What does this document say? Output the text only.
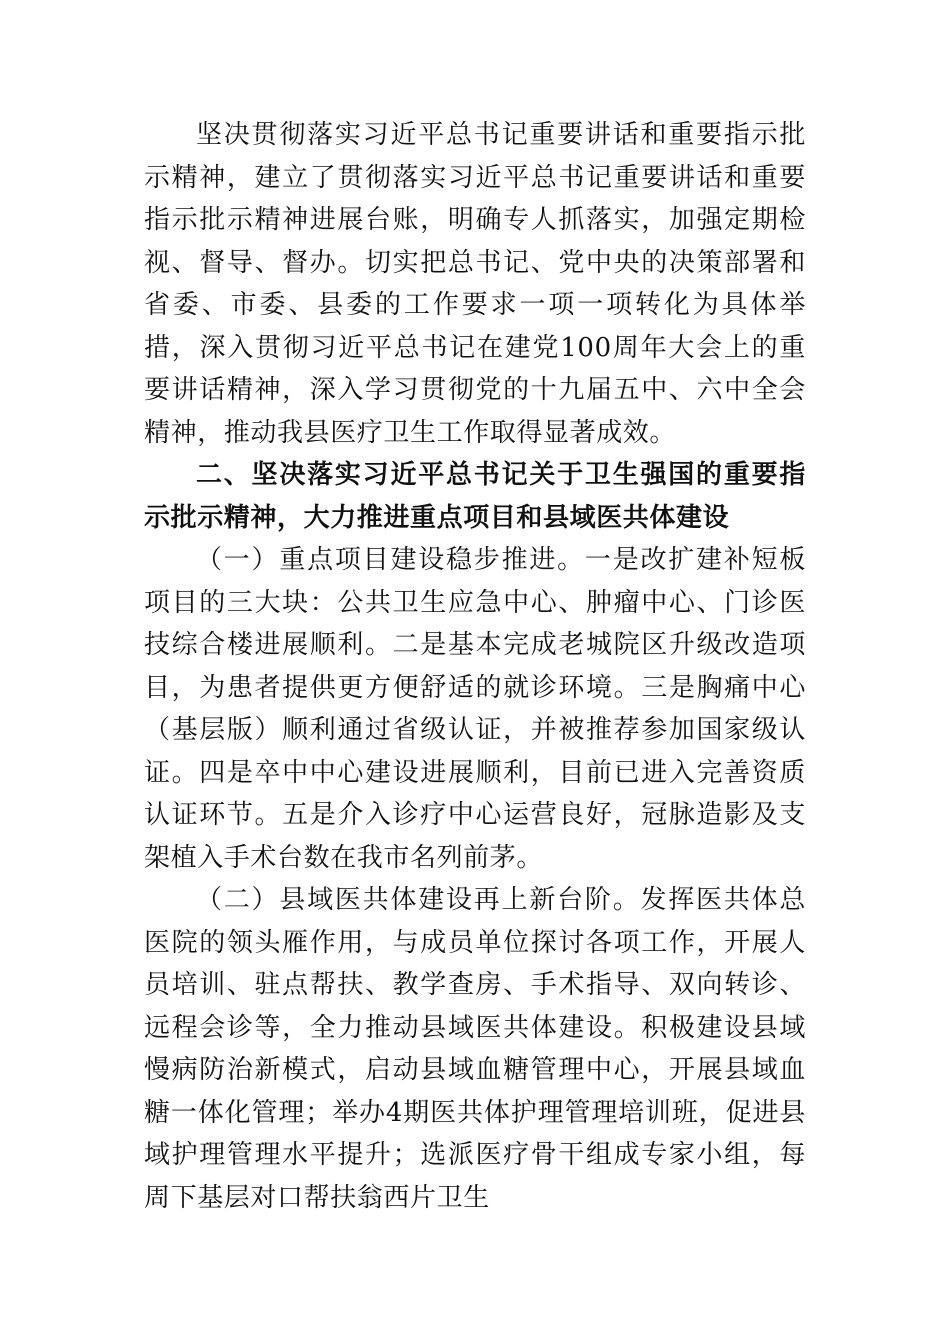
坚决贯彻落实习近平总书记重要讲话和重要指示批示精神，建立了贯彻落实习近平总书记重要讲话和重要指示批示精神进展台账，明确专人抓落实，加强定期检视、督导、督办。切实把总书记、党中央的决策部署和省委、市委、县委的工作要求一项一项转化为具体举措，深入贯彻习近平总书记在建党100周年大会上的重要讲话精神，深入学习贯彻党的十九届五中、六中全会精神，推动我县医疗卫生工作取得显著成效。

二、坚决落实习近平总书记关于卫生强国的重要指示批示精神，大力推进重点项目和县域医共体建设

（一）重点项目建设稳步推进。一是改扩建补短板项目的三大块：公共卫生应急中心、肿瘤中心、门诊医技综合楼进展顺利。二是基本完成老城院区升级改造项目，为患者提供更方便舒适的就诊环境。三是胸痛中心（基层版）顺利通过省级认证，并被推荐参加国家级认证。四是卒中中心建设进展顺利，目前已进入完善资质认证环节。五是介入诊疗中心运营良好，冠脉造影及支架植入手术台数在我市名列前茅。

（二）县域医共体建设再上新台阶。发挥医共体总医院的领头雁作用，与成员单位探讨各项工作，开展人员培训、驻点帮扶、教学查房、手术指导、双向转诊、远程会诊等，全力推动县域医共体建设。积极建设县域慢病防治新模式，启动县域血糖管理中心，开展县域血糖一体化管理；举办4期医共体护理管理培训班，促进县域护理管理水平提升；选派医疗骨干组成专家小组，每周下基层对口帮扶翁西片卫生
